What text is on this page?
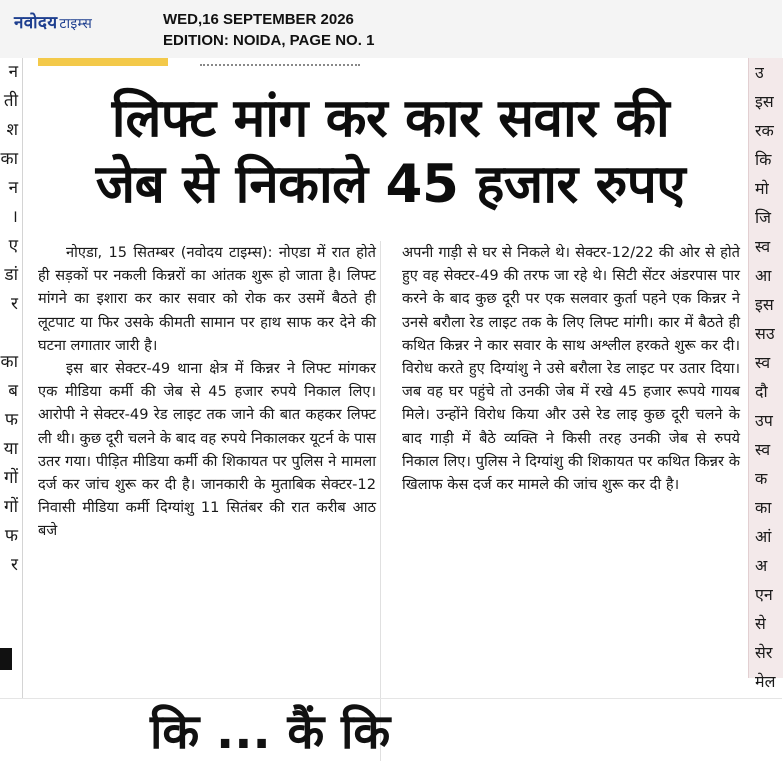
नवोदय टाइम्स	WED,16 SEPTEMBER 2026
EDITION: NOIDA, PAGE NO. 1
न
ती
श
का
न
।
ए
डां
र

का
ब
फ
या
गों
गों
फ
र
उ
इस
रक
कि
मो
जि
स्व
आ
इस
सउ
स्व
दौ
उप
स्व
क
का
आं
अ
एन
से
सेर
मेल
लिफ्ट मांग कर कार सवार की
जेब से निकाले 45 हजार रुपए

नोएडा, 15 सितम्बर (नवोदय टाइम्स): नोएडा में रात होते ही सड़कों पर नकली किन्नरों का आंतक शुरू हो जाता है। लिफ्ट मांगने का इशारा कर कार सवार को रोक कर उसमें बैठते ही लूटपाट या फिर उसके कीमती सामान पर हाथ साफ कर देने की घटना लगातार जारी है।

इस बार सेक्टर-49 थाना क्षेत्र में किन्नर ने लिफ्ट मांगकर एक मीडिया कर्मी की जेब से 45 हजार रुपये निकाल लिए। आरोपी ने सेक्टर-49 रेड लाइट तक जाने की बात कहकर लिफ्ट ली थी। कुछ दूरी चलने के बाद वह रुपये निकालकर यूटर्न के पास उतर गया। पीड़ित मीडिया कर्मी की शिकायत पर पुलिस ने मामला दर्ज कर जांच शुरू कर दी है। जानकारी के मुताबिक सेक्टर-12 निवासी मीडिया कर्मी दिग्यांशु 11 सितंबर की रात करीब आठ बजे

अपनी गाड़ी से घर से निकले थे। सेक्टर-12/22 की ओर से होते हुए वह सेक्टर-49 की तरफ जा रहे थे। सिटी सेंटर अंडरपास पार करने के बाद कुछ दूरी पर एक सलवार कुर्ता पहने एक किन्नर ने उनसे बरौला रेड लाइट तक के लिए लिफ्ट मांगी। कार में बैठते ही कथित किन्नर ने कार सवार के साथ अश्लील हरकते शुरू कर दी। विरोध करते हुए दिग्यांशु ने उसे बरौला रेड लाइट पर उतार दिया। जब वह घर पहुंचे तो उनकी जेब में रखे 45 हजार रूपये गायब मिले। उन्होंने विरोध किया और उसे रेड लाइ कुछ दूरी चलने के बाद गाड़ी में बैठे व्यक्ति ने किसी तरह उनकी जेब से रुपये निकाल लिए। पुलिस ने दिग्यांशु की शिकायत पर कथित किन्नर के खिलाफ केस दर्ज कर मामले की जांच शुरू कर दी है।

कि ... कैं कि
